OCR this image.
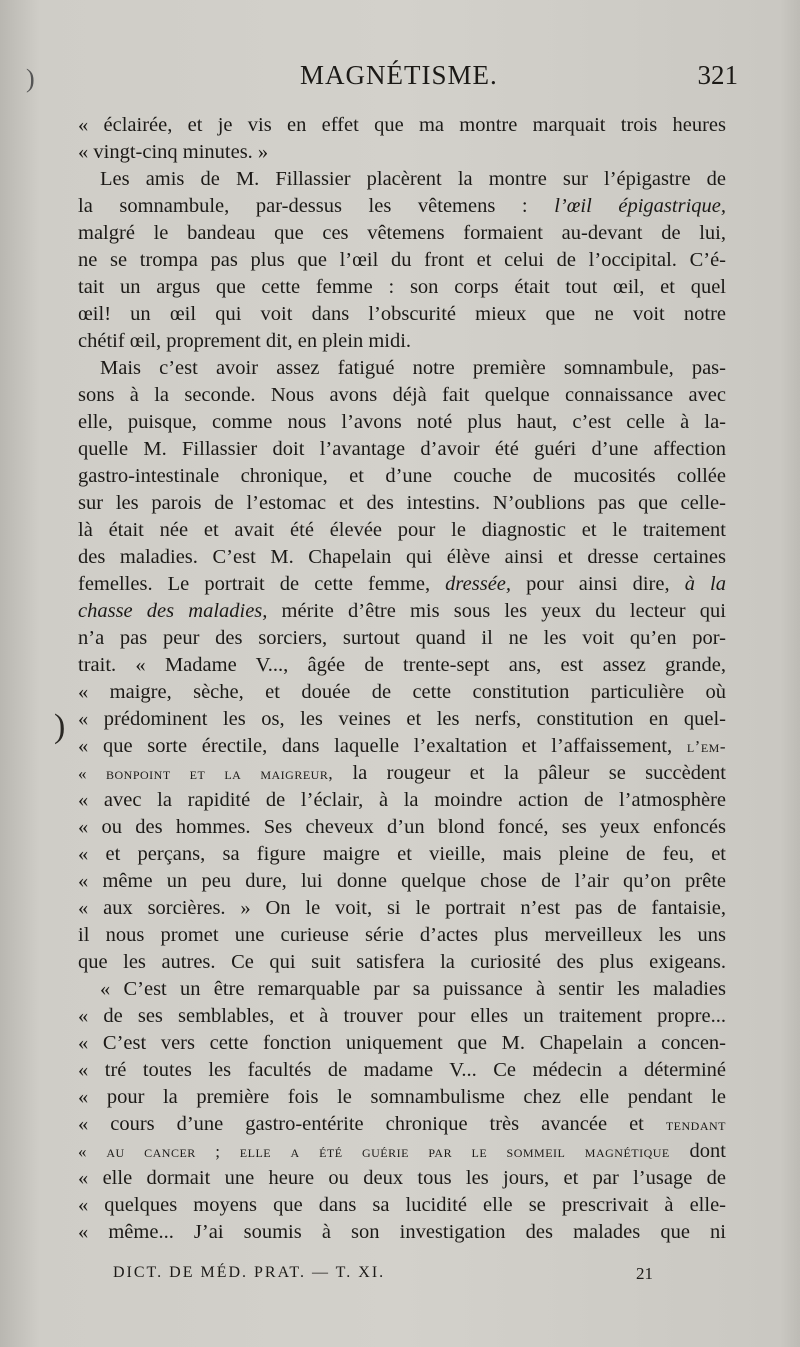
)	MAGNÉTISME.	321
)
« éclairée, et je vis en effet que ma montre marquait trois heures
« vingt-cinq minutes. »
Les amis de M. Fillassier placèrent la montre sur l’épigastre de
la somnambule, par-dessus les vêtemens : l’œil épigastrique,
malgré le bandeau que ces vêtemens formaient au-devant de lui,
ne se trompa pas plus que l’œil du front et celui de l’occipital. C’é-
tait un argus que cette femme : son corps était tout œil, et quel
œil! un œil qui voit dans l’obscurité mieux que ne voit notre
chétif œil, proprement dit, en plein midi.
Mais c’est avoir assez fatigué notre première somnambule, pas-
sons à la seconde. Nous avons déjà fait quelque connaissance avec
elle, puisque, comme nous l’avons noté plus haut, c’est celle à la-
quelle M. Fillassier doit l’avantage d’avoir été guéri d’une affection
gastro-intestinale chronique, et d’une couche de mucosités collée
sur les parois de l’estomac et des intestins. N’oublions pas que celle-
là était née et avait été élevée pour le diagnostic et le traitement
des maladies. C’est M. Chapelain qui élève ainsi et dresse certaines
femelles. Le portrait de cette femme, dressée, pour ainsi dire, à la
chasse des maladies, mérite d’être mis sous les yeux du lecteur qui
n’a pas peur des sorciers, surtout quand il ne les voit qu’en por-
trait. « Madame V..., âgée de trente-sept ans, est assez grande,
« maigre, sèche, et douée de cette constitution particulière où
« prédominent les os, les veines et les nerfs, constitution en quel-
« que sorte érectile, dans laquelle l’exaltation et l’affaissement, l’em-
« bonpoint et la maigreur, la rougeur et la pâleur se succèdent
« avec la rapidité de l’éclair, à la moindre action de l’atmosphère
« ou des hommes. Ses cheveux d’un blond foncé, ses yeux enfoncés
« et perçans, sa figure maigre et vieille, mais pleine de feu, et
« même un peu dure, lui donne quelque chose de l’air qu’on prête
« aux sorcières. » On le voit, si le portrait n’est pas de fantaisie,
il nous promet une curieuse série d’actes plus merveilleux les uns
que les autres. Ce qui suit satisfera la curiosité des plus exigeans.
« C’est un être remarquable par sa puissance à sentir les maladies
« de ses semblables, et à trouver pour elles un traitement propre...
« C’est vers cette fonction uniquement que M. Chapelain a concen-
« tré toutes les facultés de madame V... Ce médecin a déterminé
« pour la première fois le somnambulisme chez elle pendant le
« cours d’une gastro-entérite chronique très avancée et tendant
« au cancer ; elle a été guérie par le sommeil magnétique dont
« elle dormait une heure ou deux tous les jours, et par l’usage de
« quelques moyens que dans sa lucidité elle se prescrivait à elle-
« même... J’ai soumis à son investigation des malades que ni
DICT. DE MÉD. PRAT. — T. XI.	21
